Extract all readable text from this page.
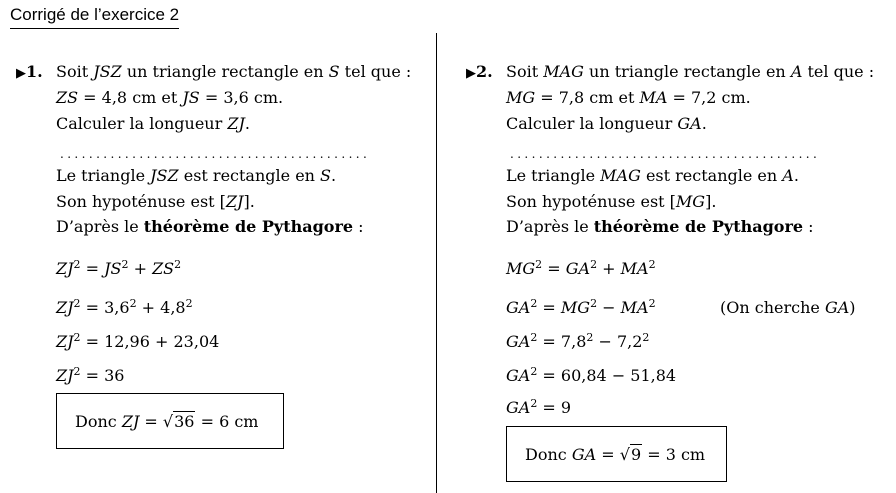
Corrigé de l’exercice 2
▶1. Soit JSZ un triangle rectangle en S tel que :
ZS = 4,8 cm et JS = 3,6 cm.
Calculer la longueur ZJ.
...........................................
Le triangle JSZ est rectangle en S.
Son hypoténuse est [ZJ].
D’après le théorème de Pythagore :
$ZJ^2 = JS^2 + ZS^2$
$ZJ^2 = 3,6^2 + 4,8^2$
$ZJ^2 = 12,96 + 23,04$
$ZJ^2 = 36$
Donc ZJ = √36 = 6 cm
▶2. Soit MAG un triangle rectangle en A tel que :
MG = 7,8 cm et MA = 7,2 cm.
Calculer la longueur GA.
...........................................
Le triangle MAG est rectangle en A.
Son hypoténuse est [MG].
D’après le théorème de Pythagore :
$MG^2 = GA^2 + MA^2$
$GA^2 = MG^2 - MA^2$	(On cherche GA)
$GA^2 = 7,8^2 - 7,2^2$
$GA^2 = 60,84 - 51,84$
$GA^2 = 9$
Donc GA = √9 = 3 cm
